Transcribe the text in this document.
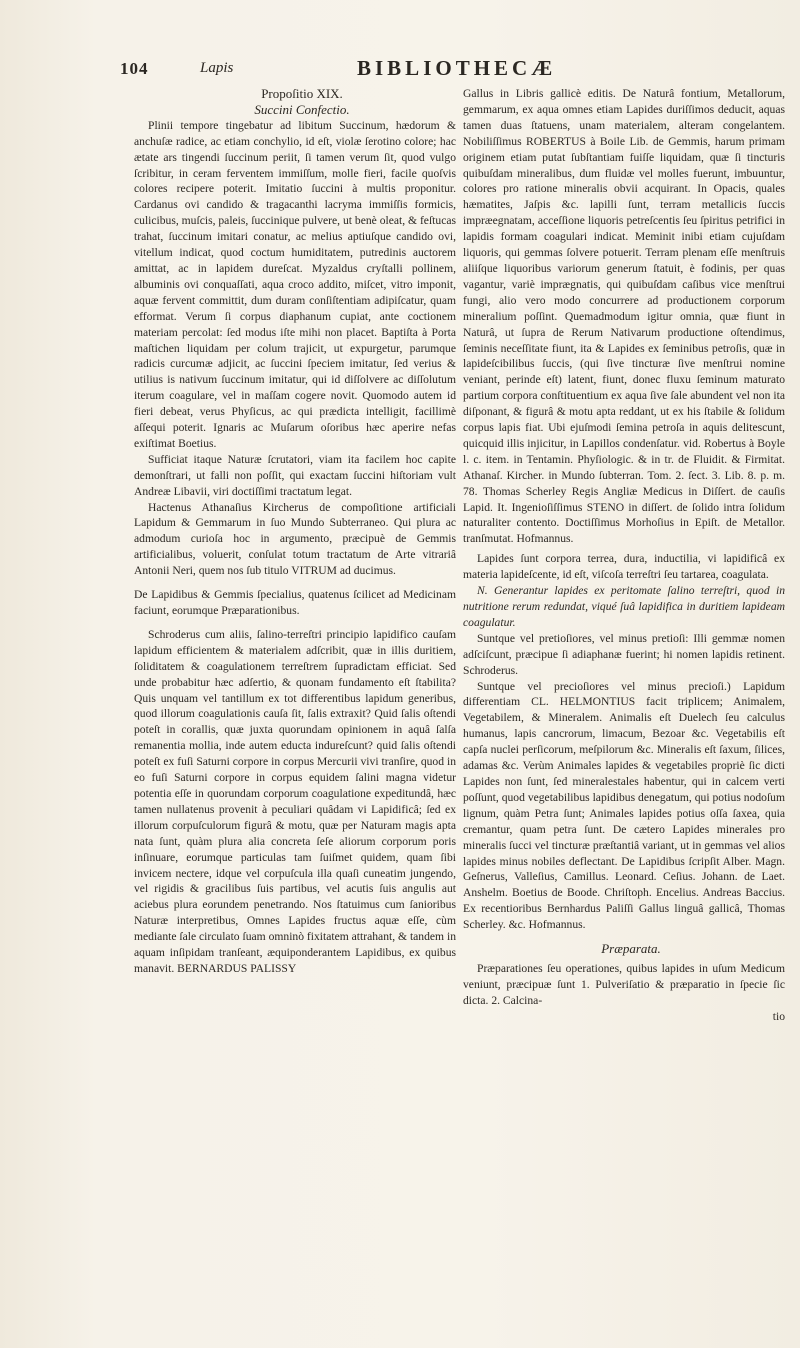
104	Lapis	BIBLIOTHECÆ

Propoſitio XIX.

Succini Confectio.

Plinii tempore tingebatur ad libitum Succinum, hædorum & anchuſæ radice, ac etiam conchylio, id eſt, violæ ſerotino colore; hac ætate ars tingendi ſuccinum periit, ſi tamen verum ſit, quod vulgo ſcribitur, in ceram ferventem immiſſum, molle fieri, facile quoſvis colores recipere poterit. Imitatio ſuccini à multis proponitur. Cardanus ovi candido & tragacanthi lacryma immiſſis formicis, culicibus, muſcis, paleis, ſuccinique pulvere, ut benè oleat, & feſtucas trahat, ſuccinum imitari conatur, ac melius aptiuſque candido ovi, vitellum indicat, quod coctum humiditatem, putredinis auctorem amittat, ac in lapidem dureſcat. Myzaldus cryſtalli pollinem, albuminis ovi conquaſſati, aqua croco addito, miſcet, vitro imponit, aquæ fervent committit, dum duram conſiſtentiam adipiſcatur, quam efformat. Verum ſi corpus diaphanum cupiat, ante coctionem materiam percolat: ſed modus iſte mihi non placet. Baptiſta à Porta maſtichen liquidam per colum trajicit, ut expurgetur, parumque radicis curcumæ adjicit, ac ſuccini ſpeciem imitatur, ſed verius & utilius is nativum ſuccinum imitatur, qui id diſſolvere ac diſſolutum iterum coagulare, vel in maſſam cogere novit. Quomodo autem id fieri debeat, verus Phyſicus, ac qui prædicta intelligit, facillimè aſſequi poterit. Ignaris ac Muſarum oſoribus hæc aperire nefas exiſtimat Boetius.

Sufficiat itaque Naturæ ſcrutatori, viam ita facilem hoc capite demonſtrari, ut falli non poſſit, qui exactam ſuccini hiſtoriam vult Andreæ Libavii, viri doctiſſimi tractatum legat.

Hactenus Athanaſius Kircherus de compoſitione artificiali Lapidum & Gemmarum in ſuo Mundo Subterraneo. Qui plura ac admodum curioſa hoc in argumento, præcipuè de Gemmis artificialibus, voluerit, conſulat totum tractatum de Arte vitrariâ Antonii Neri, quem nos ſub titulo VITRUM ad ducimus.

De Lapidibus & Gemmis ſpecialius, quatenus ſcilicet ad Medicinam faciunt, eorumque Præparationibus.

Schroderus cum aliis, ſalino-terreſtri principio lapidifico cauſam lapidum efficientem & materialem adſcribit, quæ in illis duritiem, ſoliditatem & coagulationem terreſtrem ſupradictam efficiat. Sed unde probabitur hæc adſertio, & quonam fundamento eſt ſtabilita? Quis unquam vel tantillum ex tot differentibus lapidum generibus, quod illorum coagulationis cauſa ſit, ſalis extraxit? Quid ſalis oſtendi poteſt in corallis, quæ juxta quorundam opinionem in aquâ ſalſa remanentia mollia, inde autem educta indureſcunt? quid ſalis oſtendi poteſt ex fuſi Saturni corpore in corpus Mercurii vivi tranſire, quod in eo fuſi Saturni corpore in corpus equidem ſalini magna videtur potentia eſſe in quorundam corporum coagulatione expeditundâ, hæc tamen nullatenus provenit à peculiari quâdam vi Lapidificâ; ſed ex illorum corpuſculorum figurâ & motu, quæ per Naturam magis apta nata ſunt, quàm plura alia concreta ſeſe aliorum corporum poris inſinuare, eorumque particulas tam ſuiſmet quidem, quam ſibi invicem nectere, idque vel corpuſcula illa quaſi cuneatim jungendo, vel rigidis & gracilibus ſuis partibus, vel acutis ſuis angulis aut aciebus plura eorundem penetrando. Nos ſtatuimus cum ſanioribus Naturæ interpretibus, Omnes Lapides fructus aquæ eſſe, cùm mediante ſale circulato ſuam omninò fixitatem attrahant, & tandem in aquam inſipidam tranſeant, æquiponderantem Lapidibus, ex quibus manavit. BERNARDUS PALISSY

Gallus in Libris gallicè editis. De Naturâ fontium, Metallorum, gemmarum, ex aqua omnes etiam Lapides duriſſimos deducit, aquas tamen duas ſtatuens, unam materialem, alteram congelantem. Nobiliſſimus ROBERTUS à Boile Lib. de Gemmis, harum primam originem etiam putat ſubſtantiam fuiſſe liquidam, quæ ſi tincturis quibuſdam mineralibus, dum fluidæ vel molles fuerunt, imbuuntur, colores pro ratione mineralis obvii acquirant. In Opacis, quales hæmatites, Jaſpis &c. lapilli ſunt, terram metallicis ſuccis impræegnatam, acceſſione liquoris petreſcentis ſeu ſpiritus petrifici in lapidis formam coagulari indicat. Meminit inibi etiam cujuſdam liquoris, qui gemmas ſolvere potuerit. Terram plenam eſſe menſtruis aliiſque liquoribus variorum generum ſtatuit, è fodinis, per quas vagantur, variè imprægnatis, qui quibuſdam caſibus vice menſtrui fungi, alio vero modo concurrere ad productionem corporum mineralium poſſint. Quemadmodum igitur omnia, quæ fiunt in Naturâ, ut ſupra de Rerum Nativarum productione oſtendimus, ſeminis neceſſitate fiunt, ita & Lapides ex ſeminibus petroſis, quæ in lapideſcibilibus ſuccis, (qui ſive tincturæ ſive menſtrui nomine veniant, perinde eſt) latent, fiunt, donec fluxu ſeminum maturato partium corpora conſtituentium ex aqua ſive ſale abundent vel non ita diſponant, & figurâ & motu apta reddant, ut ex his ſtabile & ſolidum corpus lapis fiat. Ubi ejuſmodi ſemina petroſa in aquis delitescunt, quicquid illis injicitur, in Lapillos condenſatur. vid. Robertus à Boyle l. c. item. in Tentamin. Phyſiologic. & in tr. de Fluidit. & Firmitat. Athanaſ. Kircher. in Mundo ſubterran. Tom. 2. ſect. 3. Lib. 8. p. m. 78. Thomas Scherley Regis Angliæ Medicus in Diſſert. de cauſis Lapid. It. Ingenioſiſſimus STENO in diſſert. de ſolido intra ſolidum naturaliter contento. Doctiſſimus Morhoſius in Epiſt. de Metallor. tranſmutat. Hofmannus.

Lapides ſunt corpora terrea, dura, inductilia, vi lapidificâ ex materia lapideſcente, id eſt, viſcoſa terreſtri ſeu tartarea, coagulata.

N. Generantur lapides ex peritomate ſalino terreſtri, quod in nutritione rerum redundat, viqué ſuâ lapidifica in duritiem lapideam coagulatur.

Suntque vel pretioſiores, vel minus pretioſi: Illi gemmæ nomen adſciſcunt, præcipue ſi adiaphanæ fuerint; hi nomen lapidis retinent. Schroderus.

Suntque vel precioſiores vel minus precioſi.) Lapidum differentiam CL. HELMONTIUS facit triplicem; Animalem, Vegetabilem, & Mineralem. Animalis eſt Duelech ſeu calculus humanus, lapis cancrorum, limacum, Bezoar &c. Vegetabilis eſt capſa nuclei perſicorum, meſpilorum &c. Mineralis eſt ſaxum, ſilices, adamas &c. Verùm Animales lapides & vegetabiles propriè ſic dicti Lapides non ſunt, ſed mineralestales habentur, qui in calcem verti poſſunt, quod vegetabilibus lapidibus denegatum, qui potius nodoſum lignum, quàm Petra ſunt; Animales lapides potius oſſa ſaxea, quia cremantur, quam petra ſunt. De cætero Lapides minerales pro mineralis ſucci vel tincturæ præſtantiâ variant, ut in gemmas vel alios lapides minus nobiles deflectant. De Lapidibus ſcripſit Alber. Magn. Geſnerus, Valleſius, Camillus. Leonard. Ceſius. Johann. de Laet. Anshelm. Boetius de Boode. Chriſtoph. Encelius. Andreas Baccius. Ex recentioribus Bernhardus Paliſſi Gallus linguâ gallicâ, Thomas Scherley. &c. Hofmannus.

Præparata.

Præparationes ſeu operationes, quibus lapides in uſum Medicum veniunt, præcipuæ ſunt 1. Pulveriſatio & præparatio in ſpecie ſic dicta. 2. Calcina-

tio
